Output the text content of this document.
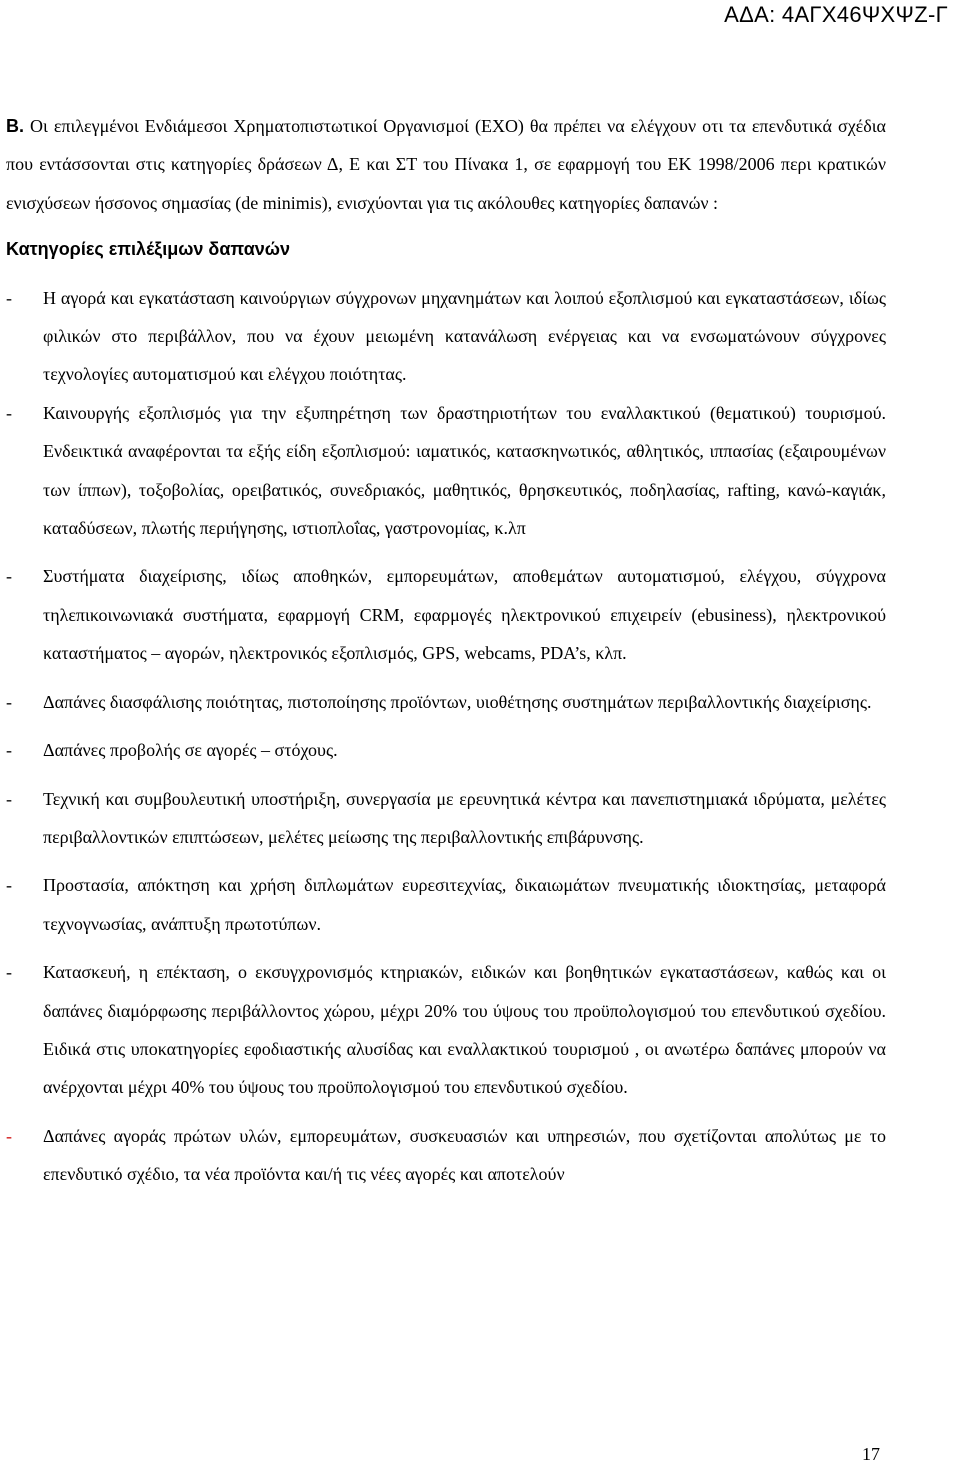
ΑΔΑ: 4ΑΓΧ46ΨΧΨΖ-Γ

Β. Οι επιλεγμένοι Ενδιάμεσοι Χρηματοπιστωτικοί Οργανισμοί (ΕΧΟ) θα πρέπει να ελέγχουν οτι τα επενδυτικά σχέδια που εντάσσονται στις κατηγορίες δράσεων Δ, Ε και ΣΤ του Πίνακα 1, σε εφαρμογή του ΕΚ 1998/2006 περι κρατικών ενισχύσεων ήσσονος σημασίας (de minimis), ενισχύονται για τις ακόλουθες κατηγορίες δαπανών :

Κατηγορίες επιλέξιμων δαπανών

-	Η αγορά και εγκατάσταση καινούργιων σύγχρονων μηχανημάτων και λοιπού εξοπλισμού και εγκαταστάσεων, ιδίως φιλικών στο περιβάλλον, που να έχουν μειωμένη κατανάλωση ενέργειας και να ενσωματώνουν σύγχρονες τεχνολογίες αυτοματισμού και ελέγχου ποιότητας.
-	Καινουργής εξοπλισμός για την εξυπηρέτηση των δραστηριοτήτων του εναλλακτικού (θεματικού) τουρισμού. Ενδεικτικά αναφέρονται τα εξής είδη εξοπλισμού: ιαματικός, κατασκηνωτικός, αθλητικός, ιππασίας (εξαιρουμένων των ίππων), τοξοβολίας, ορειβατικός, συνεδριακός, μαθητικός, θρησκευτικός, ποδηλασίας, rafting, κανώ-καγιάκ, καταδύσεων, πλωτής περιήγησης, ιστιοπλοΐας, γαστρονομίας, κ.λπ
-	Συστήματα διαχείρισης, ιδίως αποθηκών, εμπορευμάτων, αποθεμάτων αυτοματισμού, ελέγχου, σύγχρονα τηλεπικοινωνιακά συστήματα, εφαρμογή CRM, εφαρμογές ηλεκτρονικού επιχειρείν (ebusiness), ηλεκτρονικού καταστήματος – αγορών, ηλεκτρονικός εξοπλισμός, GPS, webcams, PDA’s, κλπ.
-	Δαπάνες διασφάλισης ποιότητας, πιστοποίησης προϊόντων, υιοθέτησης συστημάτων περιβαλλοντικής διαχείρισης.
-	Δαπάνες προβολής σε αγορές – στόχους.
-	Τεχνική και συμβουλευτική υποστήριξη, συνεργασία με ερευνητικά κέντρα και πανεπιστημιακά ιδρύματα, μελέτες περιβαλλοντικών επιπτώσεων, μελέτες μείωσης της περιβαλλοντικής επιβάρυνσης.
-	Προστασία, απόκτηση και χρήση διπλωμάτων ευρεσιτεχνίας, δικαιωμάτων πνευματικής ιδιοκτησίας, μεταφορά τεχνογνωσίας, ανάπτυξη πρωτοτύπων.
-	Κατασκευή, η επέκταση, ο εκσυγχρονισμός κτηριακών, ειδικών και βοηθητικών εγκαταστάσεων, καθώς και οι δαπάνες διαμόρφωσης περιβάλλοντος χώρου, μέχρι 20% του ύψους του προϋπολογισμού του επενδυτικού σχεδίου. Ειδικά στις υποκατηγορίες εφοδιαστικής αλυσίδας και εναλλακτικού τουρισμού , οι ανωτέρω δαπάνες μπορούν να ανέρχονται μέχρι 40% του ύψους του προϋπολογισμού του επενδυτικού σχεδίου.
-	Δαπάνες αγοράς πρώτων υλών, εμπορευμάτων, συσκευασιών και υπηρεσιών, που σχετίζονται απολύτως με το επενδυτικό σχέδιο, τα νέα προϊόντα και/ή τις νέες αγορές και αποτελούν
17
